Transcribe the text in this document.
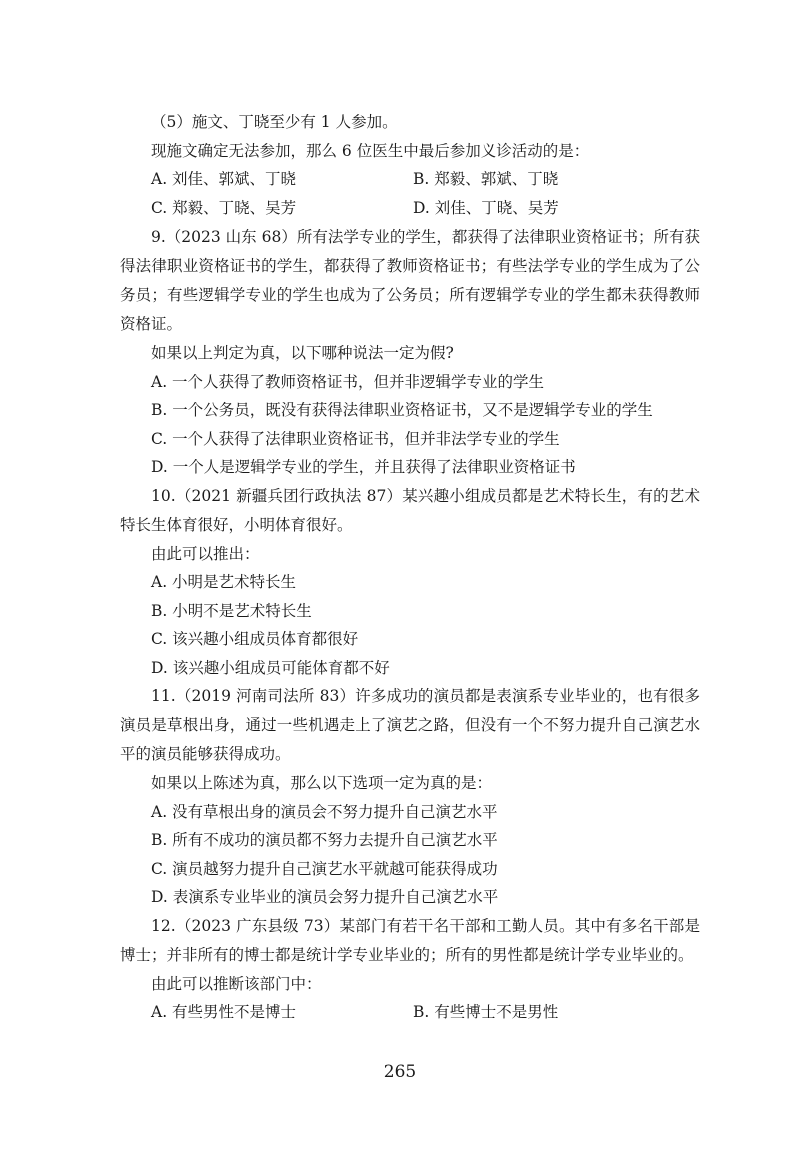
（5）施文、丁晓至少有 1 人参加。

现施文确定无法参加，那么 6 位医生中最后参加义诊活动的是：

A. 刘佳、郭斌、丁晓	B. 郑毅、郭斌、丁晓
C. 郑毅、丁晓、吴芳	D. 刘佳、丁晓、吴芳

9.（2023 山东 68）所有法学专业的学生，都获得了法律职业资格证书；所有获得法律职业资格证书的学生，都获得了教师资格证书；有些法学专业的学生成为了公务员；有些逻辑学专业的学生也成为了公务员；所有逻辑学专业的学生都未获得教师资格证。

如果以上判定为真，以下哪种说法一定为假?

A. 一个人获得了教师资格证书，但并非逻辑学专业的学生

B. 一个公务员，既没有获得法律职业资格证书，又不是逻辑学专业的学生

C. 一个人获得了法律职业资格证书，但并非法学专业的学生

D. 一个人是逻辑学专业的学生，并且获得了法律职业资格证书

10.（2021 新疆兵团行政执法 87）某兴趣小组成员都是艺术特长生，有的艺术特长生体育很好，小明体育很好。

由此可以推出：

A. 小明是艺术特长生

B. 小明不是艺术特长生

C. 该兴趣小组成员体育都很好

D. 该兴趣小组成员可能体育都不好

11.（2019 河南司法所 83）许多成功的演员都是表演系专业毕业的，也有很多演员是草根出身，通过一些机遇走上了演艺之路，但没有一个不努力提升自己演艺水平的演员能够获得成功。

如果以上陈述为真，那么以下选项一定为真的是：

A. 没有草根出身的演员会不努力提升自己演艺水平

B. 所有不成功的演员都不努力去提升自己演艺水平

C. 演员越努力提升自己演艺水平就越可能获得成功

D. 表演系专业毕业的演员会努力提升自己演艺水平

12.（2023 广东县级 73）某部门有若干名干部和工勤人员。其中有多名干部是博士；并非所有的博士都是统计学专业毕业的；所有的男性都是统计学专业毕业的。

由此可以推断该部门中：

A. 有些男性不是博士	B. 有些博士不是男性
265
